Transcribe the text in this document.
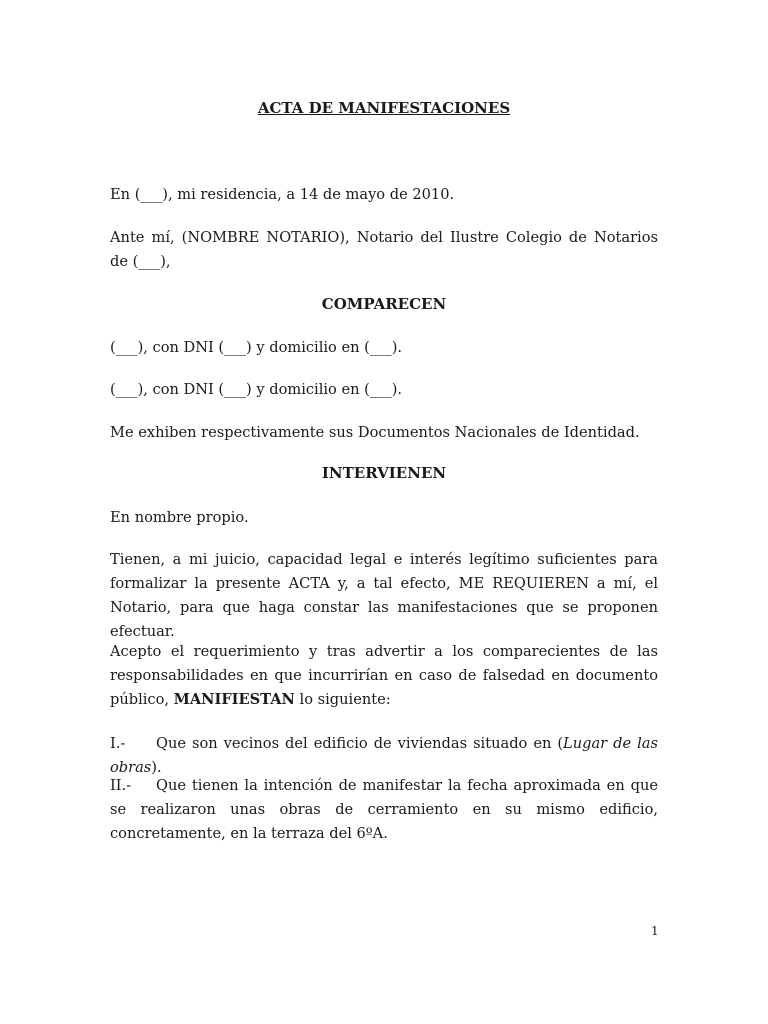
ACTA DE MANIFESTACIONES
En (___), mi residencia, a 14 de mayo de 2010.
Ante mí, (NOMBRE NOTARIO), Notario del Ilustre Colegio de Notarios de (___),
COMPARECEN
(___), con DNI (___) y domicilio en (___).
(___), con DNI (___) y domicilio en (___).
Me exhiben respectivamente sus Documentos Nacionales de Identidad.
INTERVIENEN
En nombre propio.
Tienen, a mi juicio, capacidad legal e interés legítimo suficientes para formalizar la presente ACTA y, a tal efecto, ME REQUIEREN a mí, el Notario, para que haga constar las manifestaciones que se proponen efectuar.
Acepto el requerimiento y tras advertir a los comparecientes de las responsabilidades en que incurrirían en caso de falsedad en documento público, MANIFIESTAN lo siguiente:
I.- Que son vecinos del edificio de viviendas situado en (Lugar de las obras).
II.- Que tienen la intención de manifestar la fecha aproximada en que se realizaron unas obras de cerramiento en su mismo edificio, concretamente, en la terraza del 6ºA.
1
